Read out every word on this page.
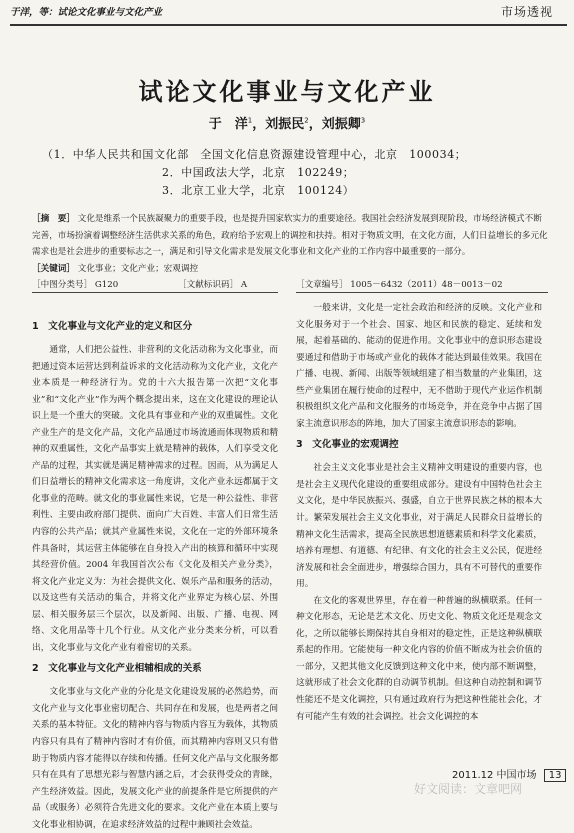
于洋，等：试论文化事业与文化产业	市场透视
试论文化事业与文化产业
于　洋$^1$，刘振民$^2$，刘振卿$^3$
（1．中华人民共和国文化部　全国文化信息资源建设管理中心，北京　100034；
2．中国政法大学，北京　102249；
3．北京工业大学，北京　100124）
［摘　要］ 文化是维系一个民族凝聚力的重要手段，也是提升国家软实力的重要途径。我国社会经济发展到现阶段，市场经济模式不断完善，市场扮演着调整经济生活供求关系的角色，政府给予宏观上的调控和扶持。相对于物质文明，在文化方面，人们日益增长的多元化需求也是社会进步的重要标志之一，满足和引导文化需求是发展文化事业和文化产业的工作内容中最重要的一部分。
［关键词］ 文化事业；文化产业；宏观调控
［中图分类号］ G120	［文献标识码］ A	［文章编号］ 1005－6432（2011）48－0013－02
1　文化事业与文化产业的定义和区分

通常，人们把公益性、非营利的文化活动称为文化事业，而把通过资本运营达到利益诉求的文化活动称为文化产业，文化产业本质是一种经济行为。党的十六大报告第一次把“文化事业”和“文化产业”作为两个概念提出来，这在文化建设的理论认识上是一个重大的突破。文化具有事业和产业的双重属性。文化产业生产的是文化产品，文化产品通过市场流通而体现物质和精神的双重属性，文化产品事实上就是精神的载体，人们享受文化产品的过程，其实就是满足精神需求的过程。因而，从为满足人们日益增长的精神文化需求这一角度讲，文化产业永远都属于文化事业的范畴。就文化的事业属性来说，它是一种公益性、非营利性、主要由政府部门提供、面向广大百姓、丰富人们日常生活内容的公共产品；就其产业属性来说，文化在一定的外部环境条件具备时，其运营主体能够在自身投入产出的核算和循环中实现其经营价值。2004 年我国首次公布《文化及相关产业分类》，将文化产业定义为：为社会提供文化、娱乐产品和服务的活动，以及这些有关活动的集合，并将文化产业界定为核心层、外围层、相关服务层三个层次，以及新闻、出版、广播、电视、网络、文化用品等十几个行业。从文化产业分类来分析，可以看出，文化事业与文化产业有着密切的关系。

2　文化事业与文化产业相辅相成的关系

文化事业与文化产业的分化是文化建设发展的必然趋势，而文化产业与文化事业密切配合、共同存在和发展，也是两者之间关系的基本特征。文化的精神内容与物质内容互为载体，其物质内容只有具有了精神内容时才有价值，而其精神内容则又只有借助于物质内容才能得以存续和传播。任何文化产品与文化服务都只有在具有了思想光彩与智慧内涵之后，才会获得受众的青睐，产生经济效益。因此，发展文化产业的前提条件是它所提供的产品（或服务）必须符合先进文化的要求。文化产业在本质上要与文化事业相协调，在追求经济效益的过程中兼顾社会效益。

一般来讲，文化是一定社会政治和经济的反映。文化产业和文化服务对于一个社会、国家、地区和民族的稳定、延续和发展，起着基础的、能动的促进作用。文化事业中的意识形态建设要通过和借助于市场或产业化的载体才能达到最佳效果。我国在广播、电视、新闻、出版等领域组建了相当数量的产业集团，这些产业集团在履行使命的过程中，无不借助于现代产业运作机制积极组织文化产品和文化服务的市场竞争，并在竞争中占据了国家主流意识形态的阵地，加大了国家主流意识形态的影响。

3　文化事业的宏观调控

社会主义文化事业是社会主义精神文明建设的重要内容，也是社会主义现代化建设的重要组成部分。建设有中国特色社会主义文化，是中华民族振兴、强盛，自立于世界民族之林的根本大计。繁荣发展社会主义文化事业，对于满足人民群众日益增长的精神文化生活需求，提高全民族思想道德素质和科学文化素质，培养有理想、有道德、有纪律、有文化的社会主义公民，促进经济发展和社会全面进步，增强综合国力，具有不可替代的重要作用。

在文化的客观世界里，存在着一种普遍的纵横联系。任何一种文化形态，无论是艺术文化、历史文化、物质文化还是观念文化，之所以能够长期保持其自身相对的稳定性，正是这种纵横联系起的作用。它能使每一种文化内容的价值不断成为社会价值的一部分，又把其他文化反馈到这种文化中来，使内部不断调整，这就形成了社会文化群的自动调节机制。但这种自动控制和调节性能还不是文化调控，只有通过政府行为把这种性能社会化，才有可能产生有效的社会调控。社会文化调控的本

2011.12 中国市场 13
好文阅读：文章吧网
